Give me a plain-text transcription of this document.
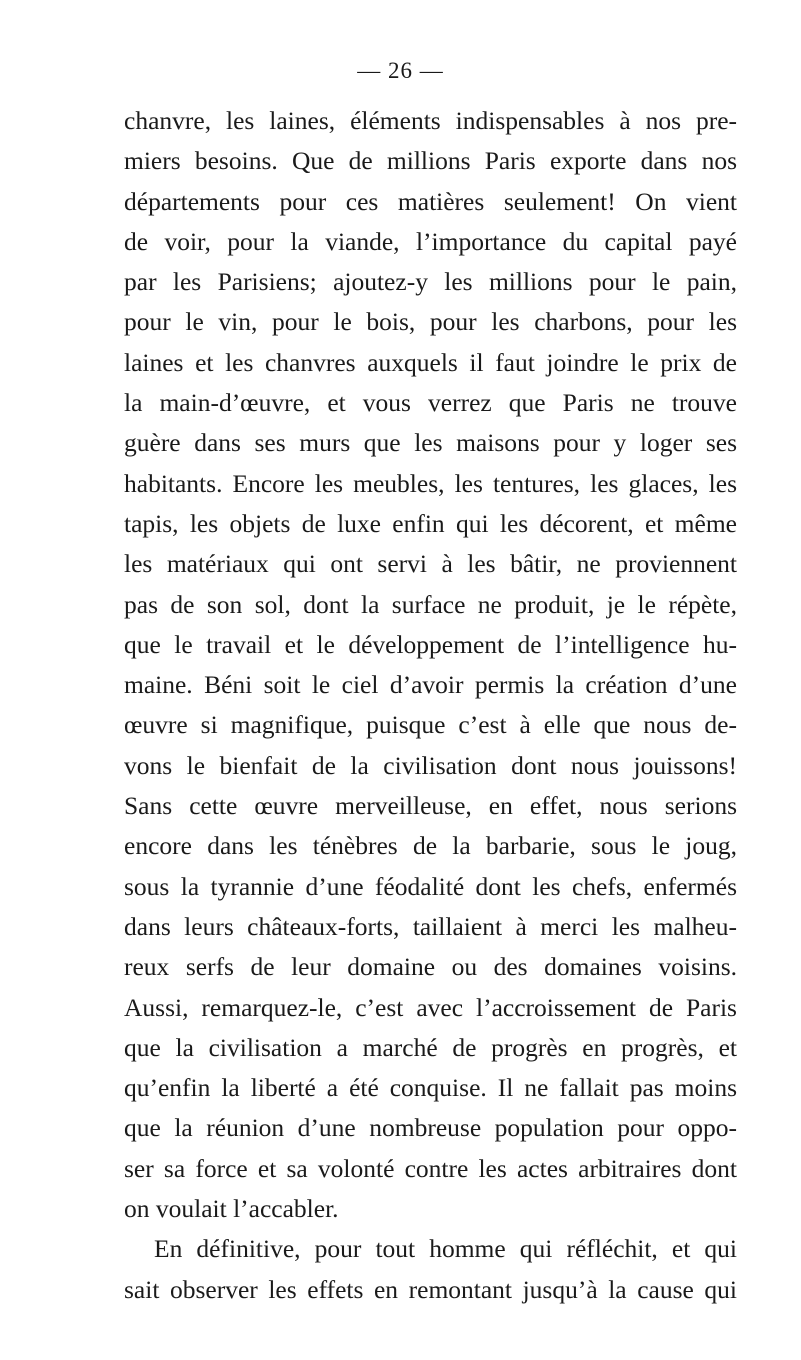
— 26 —
chanvre, les laines, éléments indispensables à nos pre-
miers besoins. Que de millions Paris exporte dans nos
départements pour ces matières seulement! On vient
de voir, pour la viande, l’importance du capital payé
par les Parisiens; ajoutez-y les millions pour le pain,
pour le vin, pour le bois, pour les charbons, pour les
laines et les chanvres auxquels il faut joindre le prix de
la main-d’œuvre, et vous verrez que Paris ne trouve
guère dans ses murs que les maisons pour y loger ses
habitants. Encore les meubles, les tentures, les glaces, les
tapis, les objets de luxe enfin qui les décorent, et même
les matériaux qui ont servi à les bâtir, ne proviennent
pas de son sol, dont la surface ne produit, je le répète,
que le travail et le développement de l’intelligence hu-
maine. Béni soit le ciel d’avoir permis la création d’une
œuvre si magnifique, puisque c’est à elle que nous de-
vons le bienfait de la civilisation dont nous jouissons!
Sans cette œuvre merveilleuse, en effet, nous serions
encore dans les ténèbres de la barbarie, sous le joug,
sous la tyrannie d’une féodalité dont les chefs, enfermés
dans leurs châteaux-forts, taillaient à merci les malheu-
reux serfs de leur domaine ou des domaines voisins.
Aussi, remarquez-le, c’est avec l’accroissement de Paris
que la civilisation a marché de progrès en progrès, et
qu’enfin la liberté a été conquise. Il ne fallait pas moins
que la réunion d’une nombreuse population pour oppo-
ser sa force et sa volonté contre les actes arbitraires dont
on voulait l’accabler.
En définitive, pour tout homme qui réfléchit, et qui
sait observer les effets en remontant jusqu’à la cause qui
